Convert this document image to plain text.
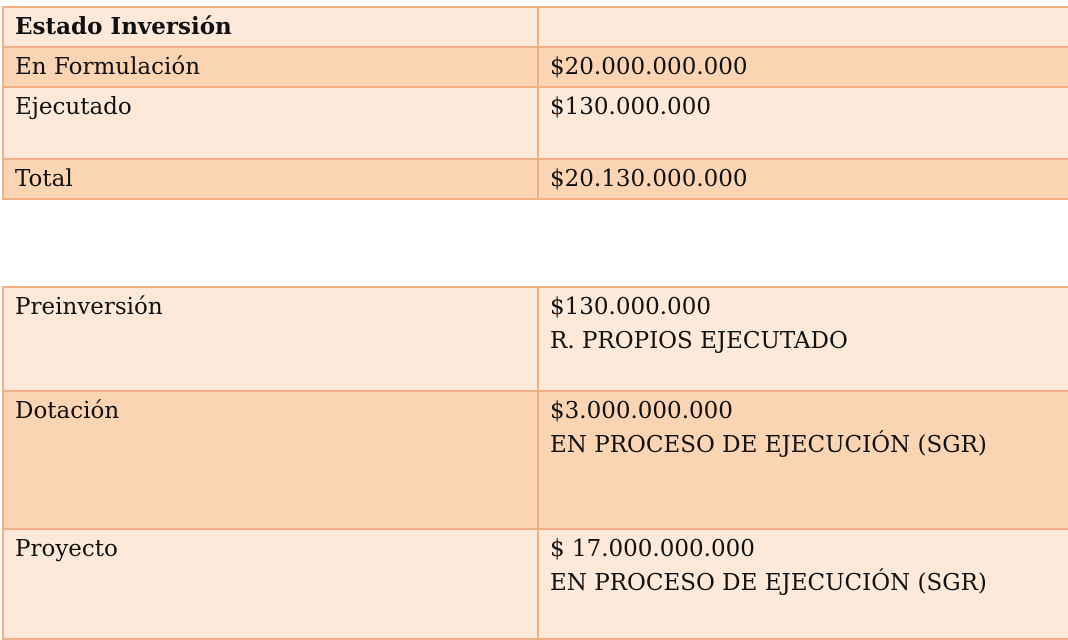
Estado Inversión	
En Formulación	$20.000.000.000
Ejecutado	$130.000.000
Total	$20.130.000.000
Preinversión	$130.000.000
R. PROPIOS EJECUTADO

Dotación	$3.000.000.000
EN PROCESO DE EJECUCIÓN (SGR)

Proyecto	$ 17.000.000.000
EN PROCESO DE EJECUCIÓN (SGR)
